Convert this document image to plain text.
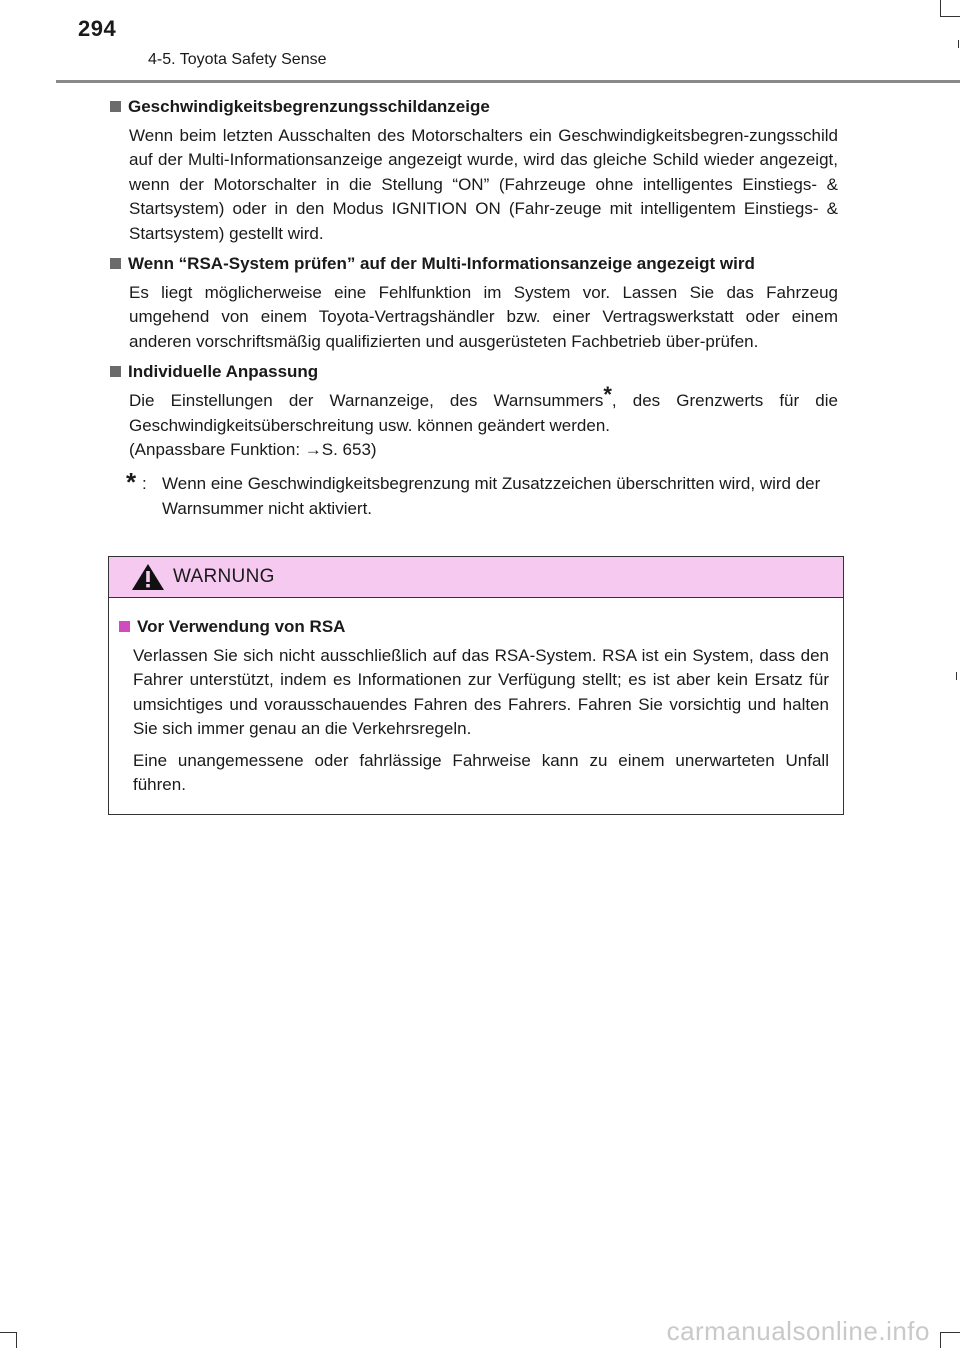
294
4-5. Toyota Safety Sense
Geschwindigkeitsbegrenzungsschildanzeige

Wenn beim letzten Ausschalten des Motorschalters ein Geschwindigkeitsbegren-zungsschild auf der Multi-Informationsanzeige angezeigt wurde, wird das gleiche Schild wieder angezeigt, wenn der Motorschalter in die Stellung “ON” (Fahrzeuge ohne intelligentes Einstiegs- & Startsystem) oder in den Modus IGNITION ON (Fahr-zeuge mit intelligentem Einstiegs- & Startsystem) gestellt wird.

Wenn “RSA-System prüfen” auf der Multi-Informationsanzeige angezeigt wird

Es liegt möglicherweise eine Fehlfunktion im System vor. Lassen Sie das Fahrzeug umgehend von einem Toyota-Vertragshändler bzw. einer Vertragswerkstatt oder einem anderen vorschriftsmäßig qualifizierten und ausgerüsteten Fachbetrieb über-prüfen.

Individuelle Anpassung

Die Einstellungen der Warnanzeige, des Warnsummers*, des Grenzwerts für die Geschwindigkeitsüberschreitung usw. können geändert werden.

(Anpassbare Funktion: →S. 653)

* : Wenn eine Geschwindigkeitsbegrenzung mit Zusatzzeichen überschritten wird, wird der Warnsummer nicht aktiviert.
WARNUNG
Vor Verwendung von RSA

Verlassen Sie sich nicht ausschließlich auf das RSA-System. RSA ist ein System, dass den Fahrer unterstützt, indem es Informationen zur Verfügung stellt; es ist aber kein Ersatz für umsichtiges und vorausschauendes Fahren des Fahrers. Fahren Sie vorsichtig und halten Sie sich immer genau an die Verkehrsregeln.

Eine unangemessene oder fahrlässige Fahrweise kann zu einem unerwarteten Unfall führen.

carmanualsonline.info
